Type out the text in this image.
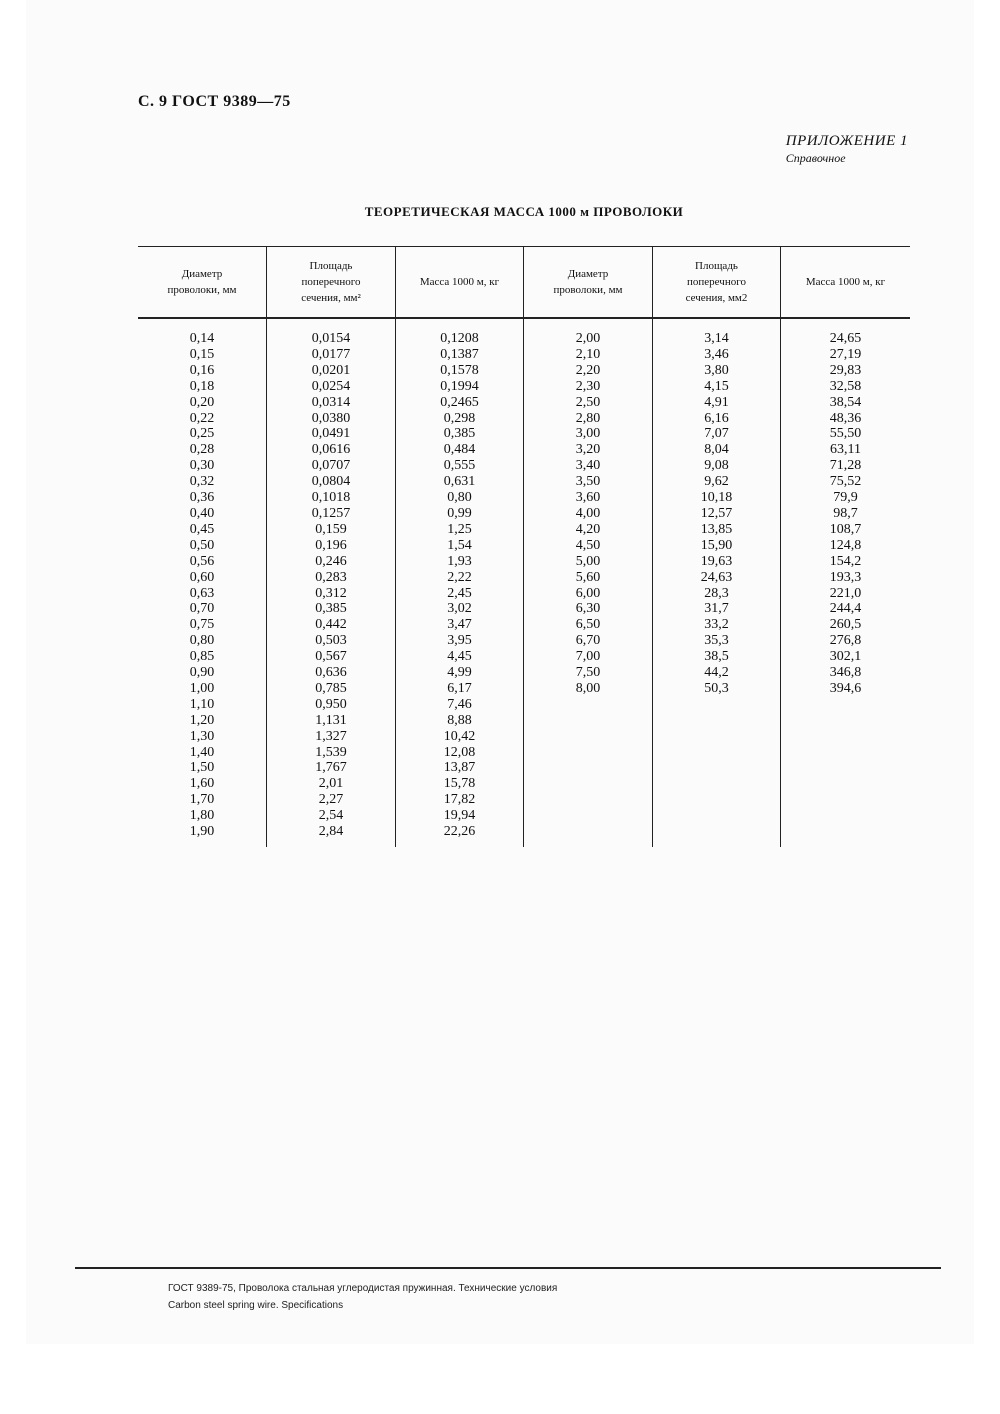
С. 9 ГОСТ 9389—75
ПРИЛОЖЕНИЕ 1
Справочное
ТЕОРЕТИЧЕСКАЯ МАССА 1000 м ПРОВОЛОКИ
Диаметр
проволоки, мм
Площадь
поперечного
сечения, мм²
Масса 1000 м, кг
Диаметр
проволоки, мм
Площадь
поперечного
сечения, мм2
Масса 1000 м, кг
0,14
0,15
0,16
0,18
0,20
0,22
0,25
0,28
0,30
0,32
0,36
0,40
0,45
0,50
0,56
0,60
0,63
0,70
0,75
0,80
0,85
0,90
1,00
1,10
1,20
1,30
1,40
1,50
1,60
1,70
1,80
1,90
0,0154
0,0177
0,0201
0,0254
0,0314
0,0380
0,0491
0,0616
0,0707
0,0804
0,1018
0,1257
0,159
0,196
0,246
0,283
0,312
0,385
0,442
0,503
0,567
0,636
0,785
0,950
1,131
1,327
1,539
1,767
2,01
2,27
2,54
2,84
0,1208
0,1387
0,1578
0,1994
0,2465
0,298
0,385
0,484
0,555
0,631
0,80
0,99
1,25
1,54
1,93
2,22
2,45
3,02
3,47
3,95
4,45
4,99
6,17
7,46
8,88
10,42
12,08
13,87
15,78
17,82
19,94
22,26
2,00
2,10
2,20
2,30
2,50
2,80
3,00
3,20
3,40
3,50
3,60
4,00
4,20
4,50
5,00
5,60
6,00
6,30
6,50
6,70
7,00
7,50
8,00
3,14
3,46
3,80
4,15
4,91
6,16
7,07
8,04
9,08
9,62
10,18
12,57
13,85
15,90
19,63
24,63
28,3
31,7
33,2
35,3
38,5
44,2
50,3
24,65
27,19
29,83
32,58
38,54
48,36
55,50
63,11
71,28
75,52
79,9
98,7
108,7
124,8
154,2
193,3
221,0
244,4
260,5
276,8
302,1
346,8
394,6
ГОСТ 9389-75, Проволока стальная углеродистая пружинная. Технические условия
Carbon steel spring wire. Specifications
